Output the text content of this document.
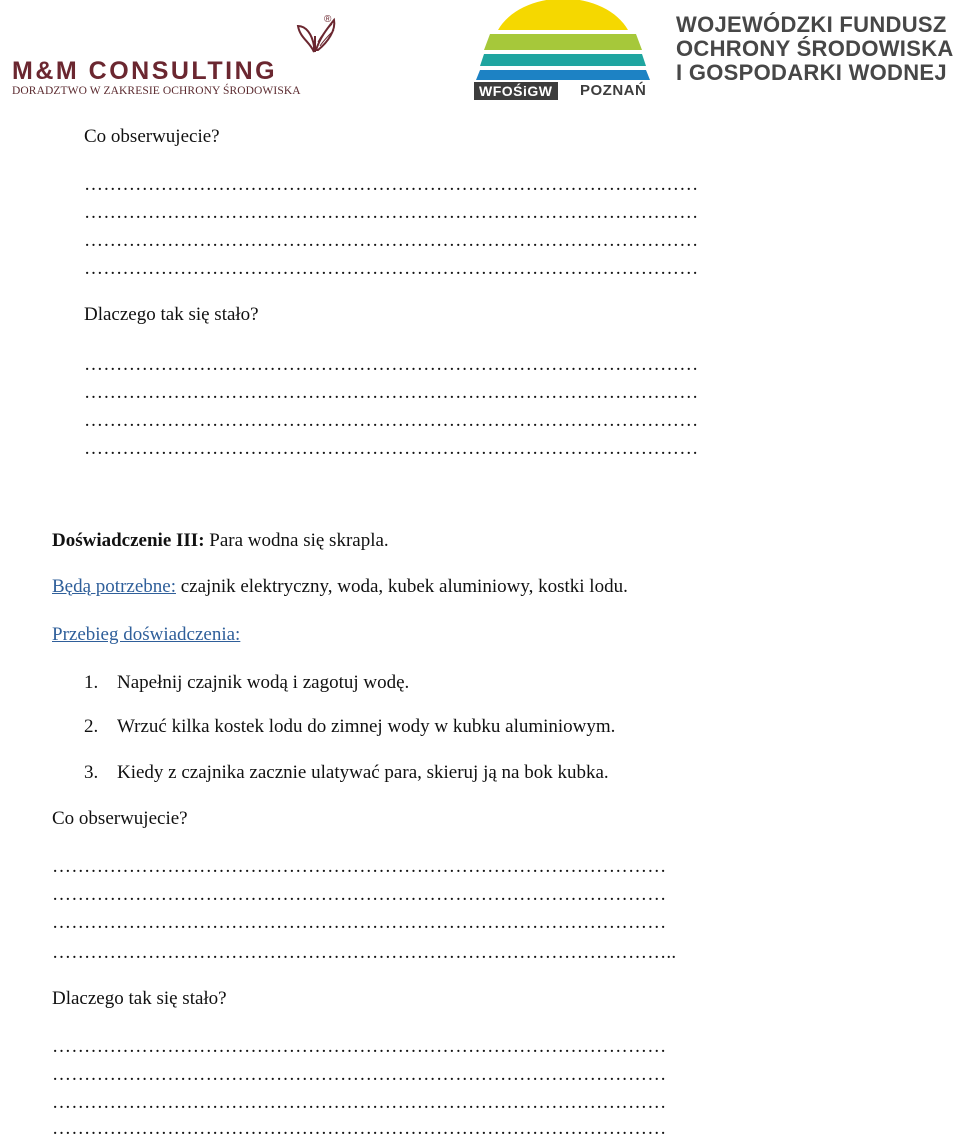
®
M&M CONSULTING
DORADZTWO W ZAKRESIE OCHRONY ŚRODOWISKA	WFOŚiGW	POZNAŃ
WOJEWÓDZKI FUNDUSZ
OCHRONY ŚRODOWISKA
I GOSPODARKI WODNEJ
Co obserwujecie?
……………………………………………………………………………………
……………………………………………………………………………………
……………………………………………………………………………………
……………………………………………………………………………………
Dlaczego tak się stało?
……………………………………………………………………………………
……………………………………………………………………………………
……………………………………………………………………………………
……………………………………………………………………………………
Doświadczenie III: Para wodna się skrapla.
Będą potrzebne: czajnik elektryczny, woda, kubek aluminiowy, kostki lodu.
Przebieg doświadczenia:
1. Napełnij czajnik wodą i zagotuj wodę.
2. Wrzuć kilka kostek lodu do zimnej wody w kubku aluminiowym.
3. Kiedy z czajnika zacznie ulatywać para, skieruj ją na bok kubka.
Co obserwujecie?
……………………………………………………………………………………
……………………………………………………………………………………
……………………………………………………………………………………
……………………………………………………………………………………..
Dlaczego tak się stało?
……………………………………………………………………………………
……………………………………………………………………………………
……………………………………………………………………………………
……………………………………………………………………………………
